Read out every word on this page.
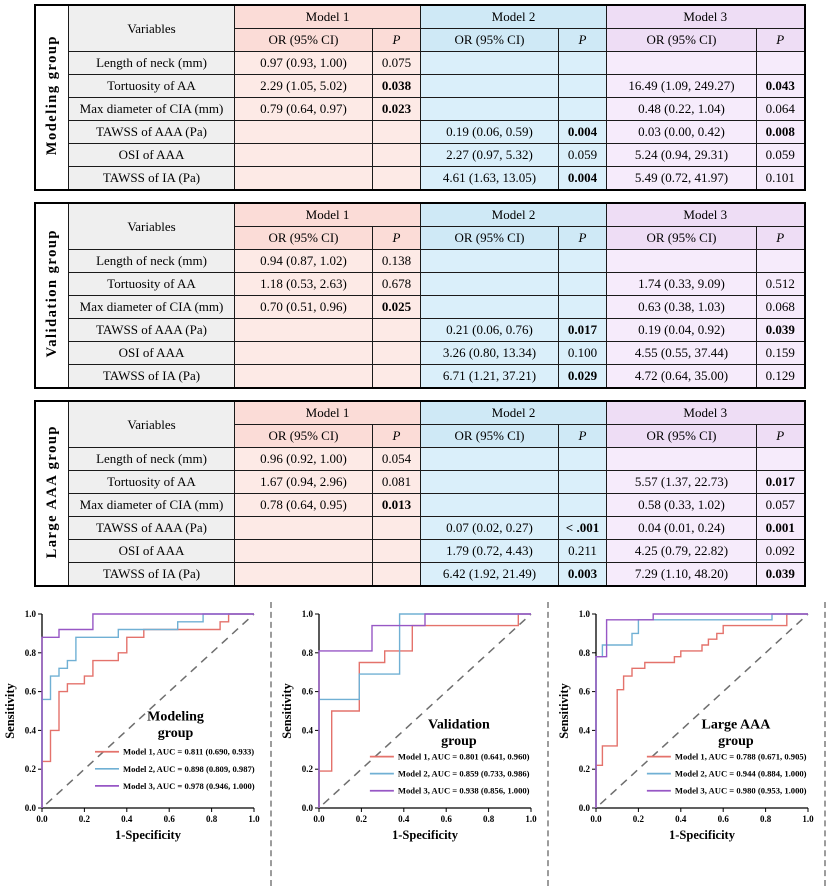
Modeling group	Variables	Model 1		Model 2		Model 3	
		OR (95% CI)	P	OR (95% CI)	P	OR (95% CI)	P
	Length of neck (mm)	0.97 (0.93, 1.00)	0.075				
	Tortuosity of AA	2.29 (1.05, 5.02)	0.038			16.49 (1.09, 249.27)	0.043
	Max diameter of CIA (mm)	0.79 (0.64, 0.97)	0.023			0.48 (0.22, 1.04)	0.064
	TAWSS of AAA (Pa)			0.19 (0.06, 0.59)	0.004	0.03 (0.00, 0.42)	0.008
	OSI of AAA			2.27 (0.97, 5.32)	0.059	5.24 (0.94, 29.31)	0.059
	TAWSS of IA (Pa)			4.61 (1.63, 13.05)	0.004	5.49 (0.72, 41.97)	0.101
Validation group	Variables	Model 1		Model 2		Model 3	
		OR (95% CI)	P	OR (95% CI)	P	OR (95% CI)	P
	Length of neck (mm)	0.94 (0.87, 1.02)	0.138				
	Tortuosity of AA	1.18 (0.53, 2.63)	0.678			1.74 (0.33, 9.09)	0.512
	Max diameter of CIA (mm)	0.70 (0.51, 0.96)	0.025			0.63 (0.38, 1.03)	0.068
	TAWSS of AAA (Pa)			0.21 (0.06, 0.76)	0.017	0.19 (0.04, 0.92)	0.039
	OSI of AAA			3.26 (0.80, 13.34)	0.100	4.55 (0.55, 37.44)	0.159
	TAWSS of IA (Pa)			6.71 (1.21, 37.21)	0.029	4.72 (0.64, 35.00)	0.129
Large AAA group	Variables	Model 1		Model 2		Model 3	
		OR (95% CI)	P	OR (95% CI)	P	OR (95% CI)	P
	Length of neck (mm)	0.96 (0.92, 1.00)	0.054				
	Tortuosity of AA	1.67 (0.94, 2.96)	0.081			5.57 (1.37, 22.73)	0.017
	Max diameter of CIA (mm)	0.78 (0.64, 0.95)	0.013			0.58 (0.33, 1.02)	0.057
	TAWSS of AAA (Pa)			0.07 (0.02, 0.27)	< .001	0.04 (0.01, 0.24)	0.001
	OSI of AAA			1.79 (0.72, 4.43)	0.211	4.25 (0.79, 22.82)	0.092
	TAWSS of IA (Pa)			6.42 (1.92, 21.49)	0.003	7.29 (1.10, 48.20)	0.039
0.0
0.0
0.2
0.2
0.4
0.4
0.6
0.6
0.8
0.8
1.0
1.0
1-Specificity
Sensitivity	Modeling
group
Model 1, AUC = 0.811 (0.690, 0.933)
Model 2, AUC = 0.898 (0.809, 0.987)
Model 3, AUC = 0.978 (0.946, 1.000)
0.0
0.0
0.2
0.2
0.4
0.4
0.6
0.6
0.8
0.8
1.0
1.0
1-Specificity
Sensitivity	Validation
group
Model 1, AUC = 0.801 (0.641, 0.960)
Model 2, AUC = 0.859 (0.733, 0.986)
Model 3, AUC = 0.938 (0.856, 1.000)
0.0
0.0
0.2
0.2
0.4
0.4
0.6
0.6
0.8
0.8
1.0
1.0
1-Specificity
Sensitivity	Large AAA
group
Model 1, AUC = 0.788 (0.671, 0.905)
Model 2, AUC = 0.944 (0.884, 1.000)
Model 3, AUC = 0.980 (0.953, 1.000)
